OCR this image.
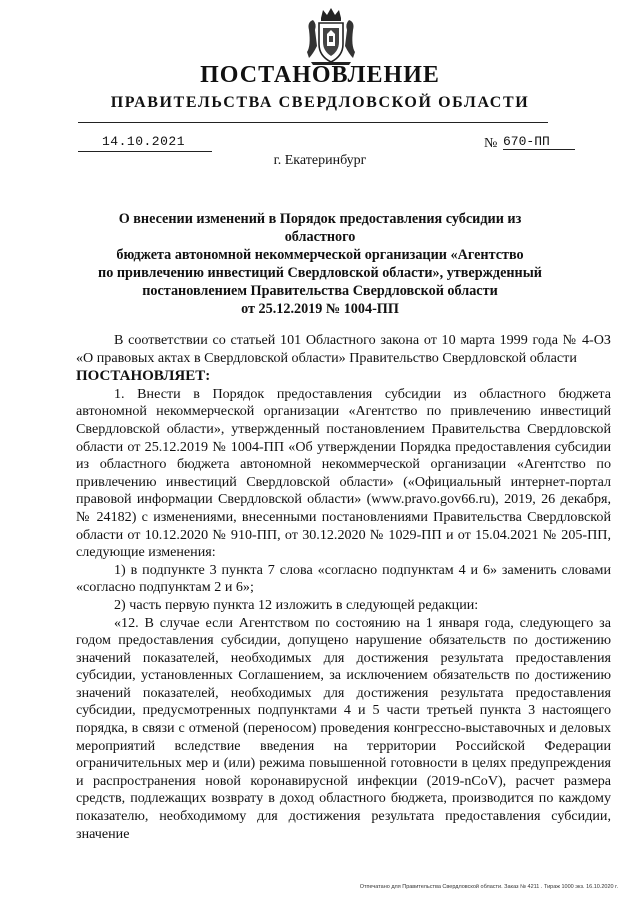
ПОСТАНОВЛЕНИЕ
ПРАВИТЕЛЬСТВА СВЕРДЛОВСКОЙ ОБЛАСТИ
14.10.2021	№ 670-ПП
г. Екатеринбург
О внесении изменений в Порядок предоставления субсидии из областного
бюджета автономной некоммерческой организации «Агентство
по привлечению инвестиций Свердловской области», утвержденный
постановлением Правительства Свердловской области
от 25.12.2019 № 1004-ПП

В соответствии со статьей 101 Областного закона от 10 марта 1999 года № 4-ОЗ «О правовых актах в Свердловской области» Правительство Свердловской области

ПОСТАНОВЛЯЕТ:

1. Внести в Порядок предоставления субсидии из областного бюджета автономной некоммерческой организации «Агентство по привлечению инвестиций Свердловской области», утвержденный постановлением Правительства Свердловской области от 25.12.2019 № 1004-ПП «Об утверждении Порядка предоставления субсидии из областного бюджета автономной некоммерческой организации «Агентство по привлечению инвестиций Свердловской области» («Официальный интернет-портал правовой информации Свердловской области» (www.pravo.gov66.ru), 2019, 26 декабря, № 24182) с изменениями, внесенными постановлениями Правительства Свердловской области от 10.12.2020 № 910-ПП, от 30.12.2020 № 1029-ПП и от 15.04.2021 № 205-ПП, следующие изменения:

1) в подпункте 3 пункта 7 слова «согласно подпунктам 4 и 6» заменить словами «согласно подпунктам 2 и 6»;

2) часть первую пункта 12 изложить в следующей редакции:

«12. В случае если Агентством по состоянию на 1 января года, следующего за годом предоставления субсидии, допущено нарушение обязательств по достижению значений показателей, необходимых для достижения результата предоставления субсидии, установленных Соглашением, за исключением обязательств по достижению значений показателей, необходимых для достижения результата предоставления субсидии, предусмотренных подпунктами 4 и 5 части третьей пункта 3 настоящего порядка, в связи с отменой (переносом) проведения конгрессно-выставочных и деловых мероприятий вследствие введения на территории Российской Федерации ограничительных мер и (или) режима повышенной готовности в целях предупреждения и распространения новой коронавирусной инфекции (2019-nCoV), расчет размера средств, подлежащих возврату в доход областного бюджета, производится по каждому показателю, необходимому для достижения результата предоставления субсидии, значение

Отпечатано для Правительства Свердловской области. Заказ № 4211 . Тираж 1000 экз. 16.10.2020 г.
